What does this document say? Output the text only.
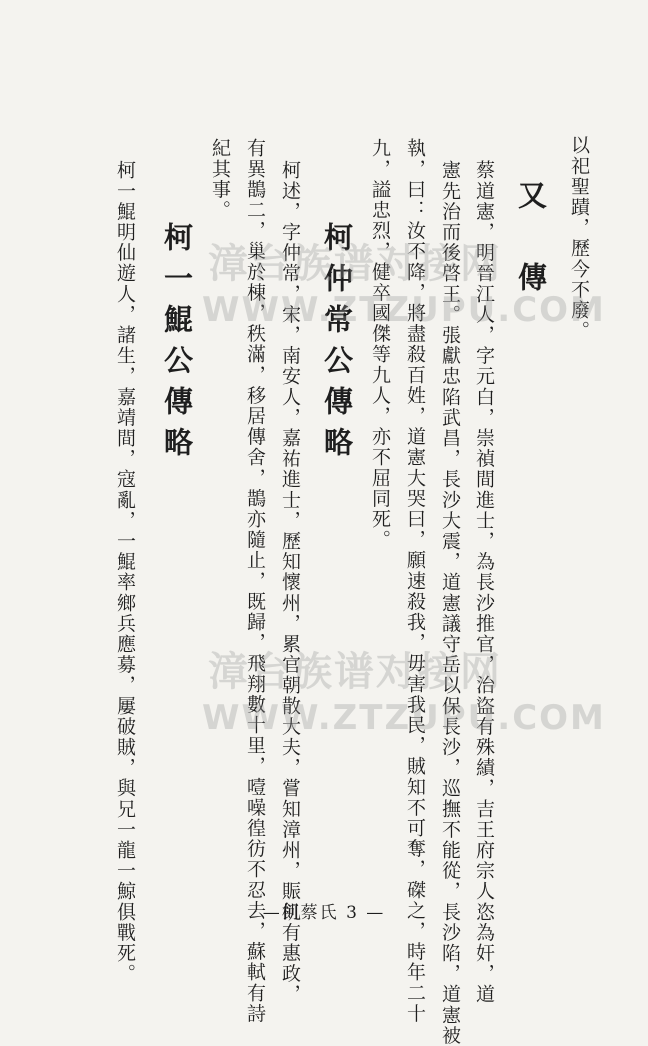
以祀聖蹟，歷今不廢。
又　傳
蔡道憲，明晉江人，字元白，崇禎間進士，為長沙推官，治盜有殊績，吉王府宗人恣為奸，道
憲先治而後啓王。張獻忠陷武昌，長沙大震，道憲議守岳以保長沙，巡撫不能從，長沙陷，道憲被
執，曰：汝不降，將盡殺百姓，道憲大哭曰，願速殺我，毋害我民，賊知不可奪，磔之，時年二十
九，謚忠烈，健卒國傑等九人，亦不屈同死。
柯仲常公傳略
柯述，字仲常，宋，南安人，嘉祐進士，歷知懷州，累官朝散大夫，嘗知漳州，賑飢有惠政，
有異鵲二，巢於棟，秩滿，移居傳舍，鵲亦隨止，既歸，飛翔數十里，噎噪徨彷不忍去，蘇軾有詩
紀其事。
柯一鯤公傳略
柯一鯤明仙遊人，諸生，嘉靖間，寇亂，一鯤率鄉兵應募，屢破賊，與兄一龍一鯨俱戰死。 漳台族谱对接网
WWW.ZTZUPU.COM
漳台族谱对接网
WWW.ZTZUPU.COM
—柯蔡氏 3 —
